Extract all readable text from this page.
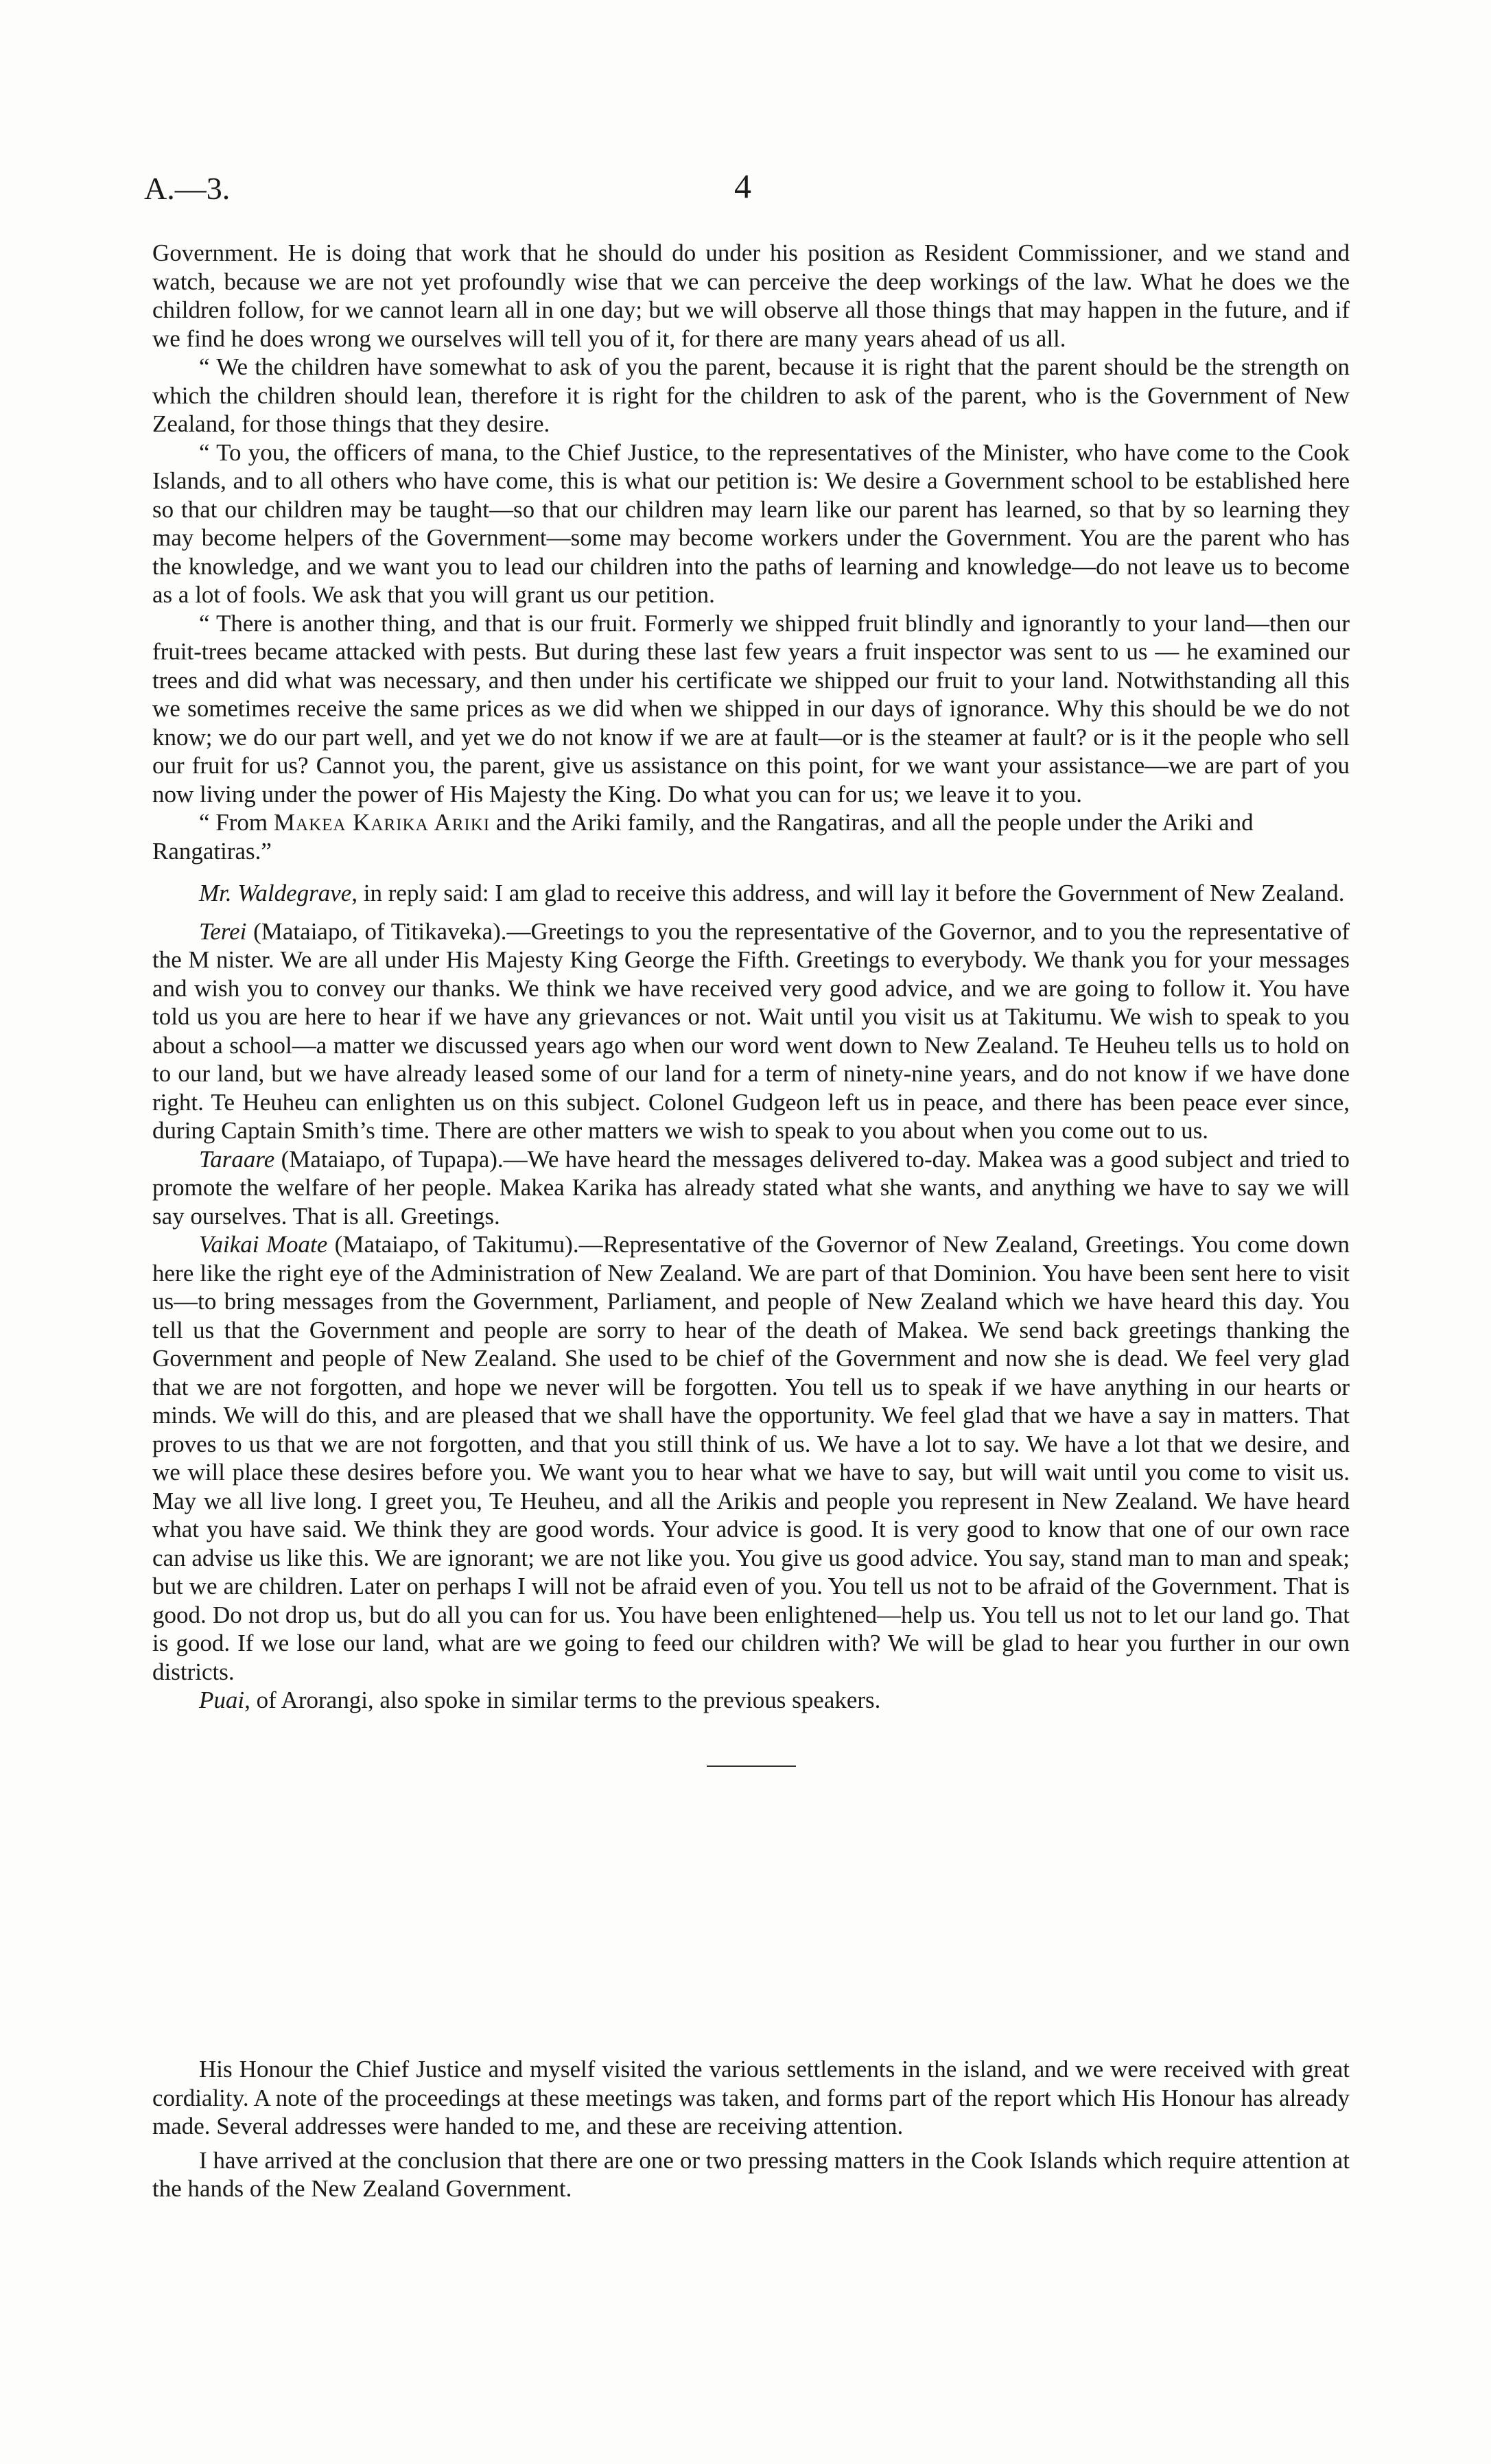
A.—3.	4

Government. He is doing that work that he should do under his position as Resident Commissioner, and we stand and watch, because we are not yet profoundly wise that we can perceive the deep workings of the law. What he does we the children follow, for we cannot learn all in one day; but we will observe all those things that may happen in the future, and if we find he does wrong we ourselves will tell you of it, for there are many years ahead of us all.

“ We the children have somewhat to ask of you the parent, because it is right that the parent should be the strength on which the children should lean, therefore it is right for the children to ask of the parent, who is the Government of New Zealand, for those things that they desire.

“ To you, the officers of mana, to the Chief Justice, to the representatives of the Minister, who have come to the Cook Islands, and to all others who have come, this is what our petition is: We desire a Government school to be established here so that our children may be taught—so that our children may learn like our parent has learned, so that by so learning they may become helpers of the Government—some may become workers under the Government. You are the parent who has the knowledge, and we want you to lead our children into the paths of learning and knowledge—do not leave us to become as a lot of fools. We ask that you will grant us our petition.

“ There is another thing, and that is our fruit. Formerly we shipped fruit blindly and ignorantly to your land—then our fruit-trees became attacked with pests. But during these last few years a fruit inspector was sent to us — he examined our trees and did what was necessary, and then under his certificate we shipped our fruit to your land. Notwithstanding all this we sometimes receive the same prices as we did when we shipped in our days of ignorance. Why this should be we do not know; we do our part well, and yet we do not know if we are at fault—or is the steamer at fault? or is it the people who sell our fruit for us? Cannot you, the parent, give us assistance on this point, for we want your assistance—we are part of you now living under the power of His Majesty the King. Do what you can for us; we leave it to you.

“ From Makea Karika Ariki and the Ariki family, and the Rangatiras, and all the people under the Ariki and Rangatiras.”

Mr. Waldegrave, in reply said: I am glad to receive this address, and will lay it before the Government of New Zealand.

Terei (Mataiapo, of Titikaveka).—Greetings to you the representative of the Governor, and to you the representative of the M nister. We are all under His Majesty King George the Fifth. Greetings to everybody. We thank you for your messages and wish you to convey our thanks. We think we have received very good advice, and we are going to follow it. You have told us you are here to hear if we have any grievances or not. Wait until you visit us at Takitumu. We wish to speak to you about a school—a matter we discussed years ago when our word went down to New Zealand. Te Heuheu tells us to hold on to our land, but we have already leased some of our land for a term of ninety-nine years, and do not know if we have done right. Te Heuheu can enlighten us on this subject. Colonel Gudgeon left us in peace, and there has been peace ever since, during Captain Smith’s time. There are other matters we wish to speak to you about when you come out to us.

Taraare (Mataiapo, of Tupapa).—We have heard the messages delivered to-day. Makea was a good subject and tried to promote the welfare of her people. Makea Karika has already stated what she wants, and anything we have to say we will say ourselves. That is all. Greetings.

Vaikai Moate (Mataiapo, of Takitumu).—Representative of the Governor of New Zealand, Greetings. You come down here like the right eye of the Administration of New Zealand. We are part of that Dominion. You have been sent here to visit us—to bring messages from the Government, Parliament, and people of New Zealand which we have heard this day. You tell us that the Government and people are sorry to hear of the death of Makea. We send back greetings thanking the Government and people of New Zealand. She used to be chief of the Government and now she is dead. We feel very glad that we are not forgotten, and hope we never will be forgotten. You tell us to speak if we have anything in our hearts or minds. We will do this, and are pleased that we shall have the opportunity. We feel glad that we have a say in matters. That proves to us that we are not forgotten, and that you still think of us. We have a lot to say. We have a lot that we desire, and we will place these desires before you. We want you to hear what we have to say, but will wait until you come to visit us. May we all live long. I greet you, Te Heuheu, and all the Arikis and people you represent in New Zealand. We have heard what you have said. We think they are good words. Your advice is good. It is very good to know that one of our own race can advise us like this. We are ignorant; we are not like you. You give us good advice. You say, stand man to man and speak; but we are children. Later on perhaps I will not be afraid even of you. You tell us not to be afraid of the Government. That is good. Do not drop us, but do all you can for us. You have been enlightened—help us. You tell us not to let our land go. That is good. If we lose our land, what are we going to feed our children with? We will be glad to hear you further in our own districts.

Puai, of Arorangi, also spoke in similar terms to the previous speakers.

His Honour the Chief Justice and myself visited the various settlements in the island, and we were received with great cordiality. A note of the proceedings at these meetings was taken, and forms part of the report which His Honour has already made. Several addresses were handed to me, and these are receiving attention.

I have arrived at the conclusion that there are one or two pressing matters in the Cook Islands which require attention at the hands of the New Zealand Government.
